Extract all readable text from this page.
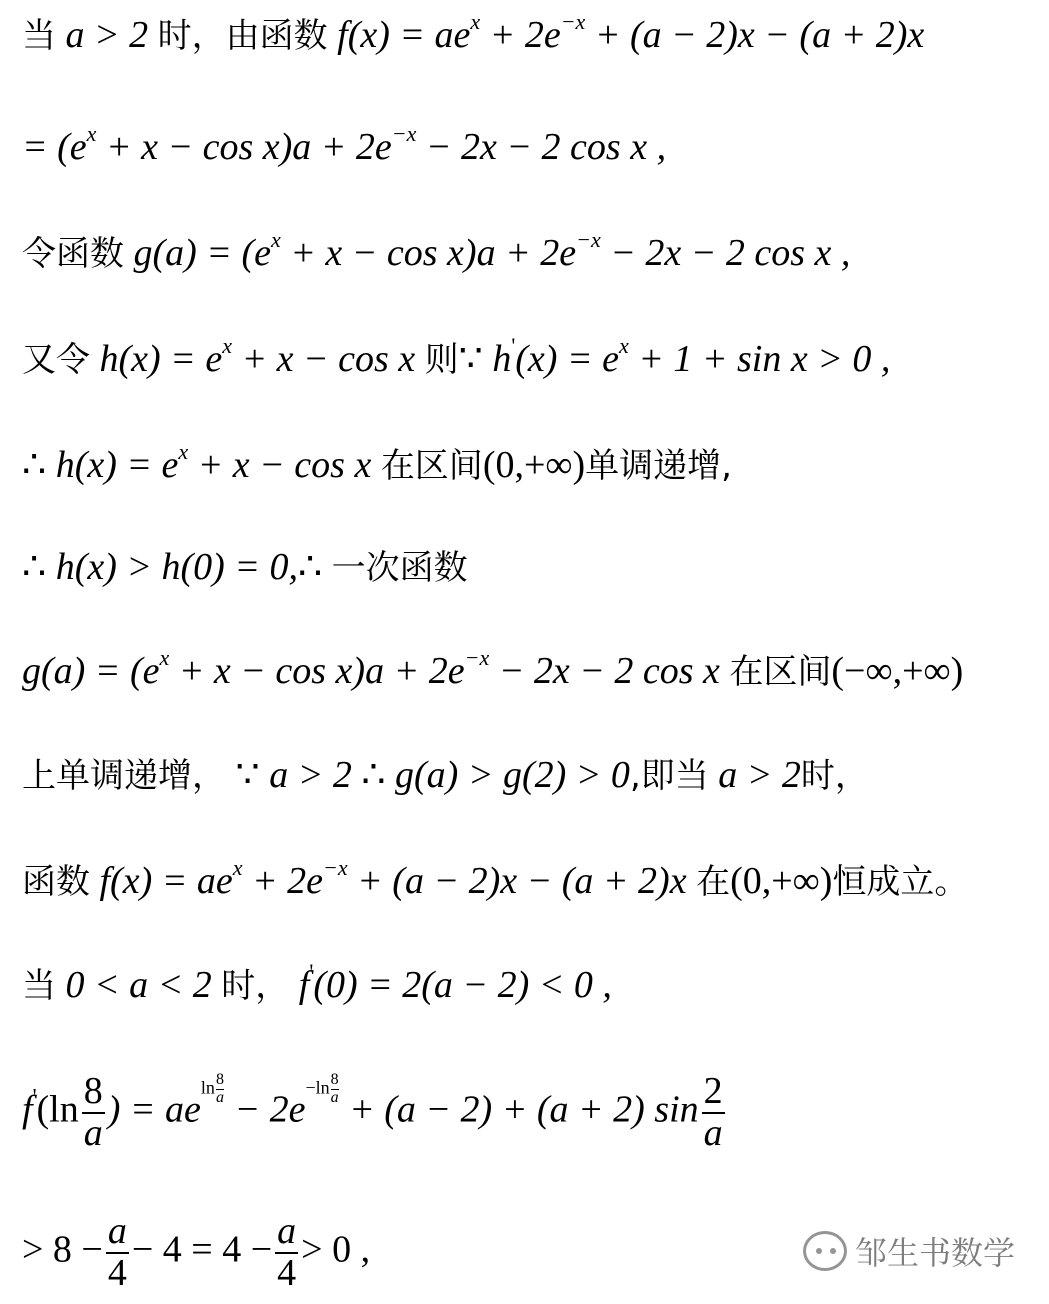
当 a > 2 时，由函数 $f(x) = ae^x + 2e^{-x} + (a - 2)x - (a + 2)x$
= $(e^x + x - \cos x)a + 2e^{-x} - 2x - 2$ cos x ,
令函数 $g(a) = (e^x + x - \cos x)a + 2e^{-x} - 2x - 2$ cos x ,
又令 $h(x) = e^x + x - \cos x$ 则∵ $h'(x) = e^x + 1 + \sin x > 0$ ,
∴ $h(x) = e^x + x - \cos x$ 在区间(0,+∞)单调递增,
∴ h(x) > h(0) = 0,∴ 一次函数
$g(a) = (e^x + x - \cos x)a + 2e^{-x} - 2x - 2$ cos x 在区间(−∞,+∞)
上单调递增， ∵ a > 2 ∴ g(a) > g(2) > 0,即当 a > 2时，
函数 $f(x) = ae^x + 2e^{-x} + (a - 2)x - (a + 2)x$ 在(0,+∞)恒成立。
当 0 < a < 2 时， f'(0) = 2(a − 2) < 0 ,
$f'(\ln \frac{8}{a}$ ) = aeln $\frac{8}{a} - 2e-\ln \frac{8}{a} + (a - 2) + (a + 2)$ $\sin \frac{2}{a}$
> $8 - \frac{a}{4} - 4 = 4 - \frac{a}{4} > 0$ ,	邹生书数学
